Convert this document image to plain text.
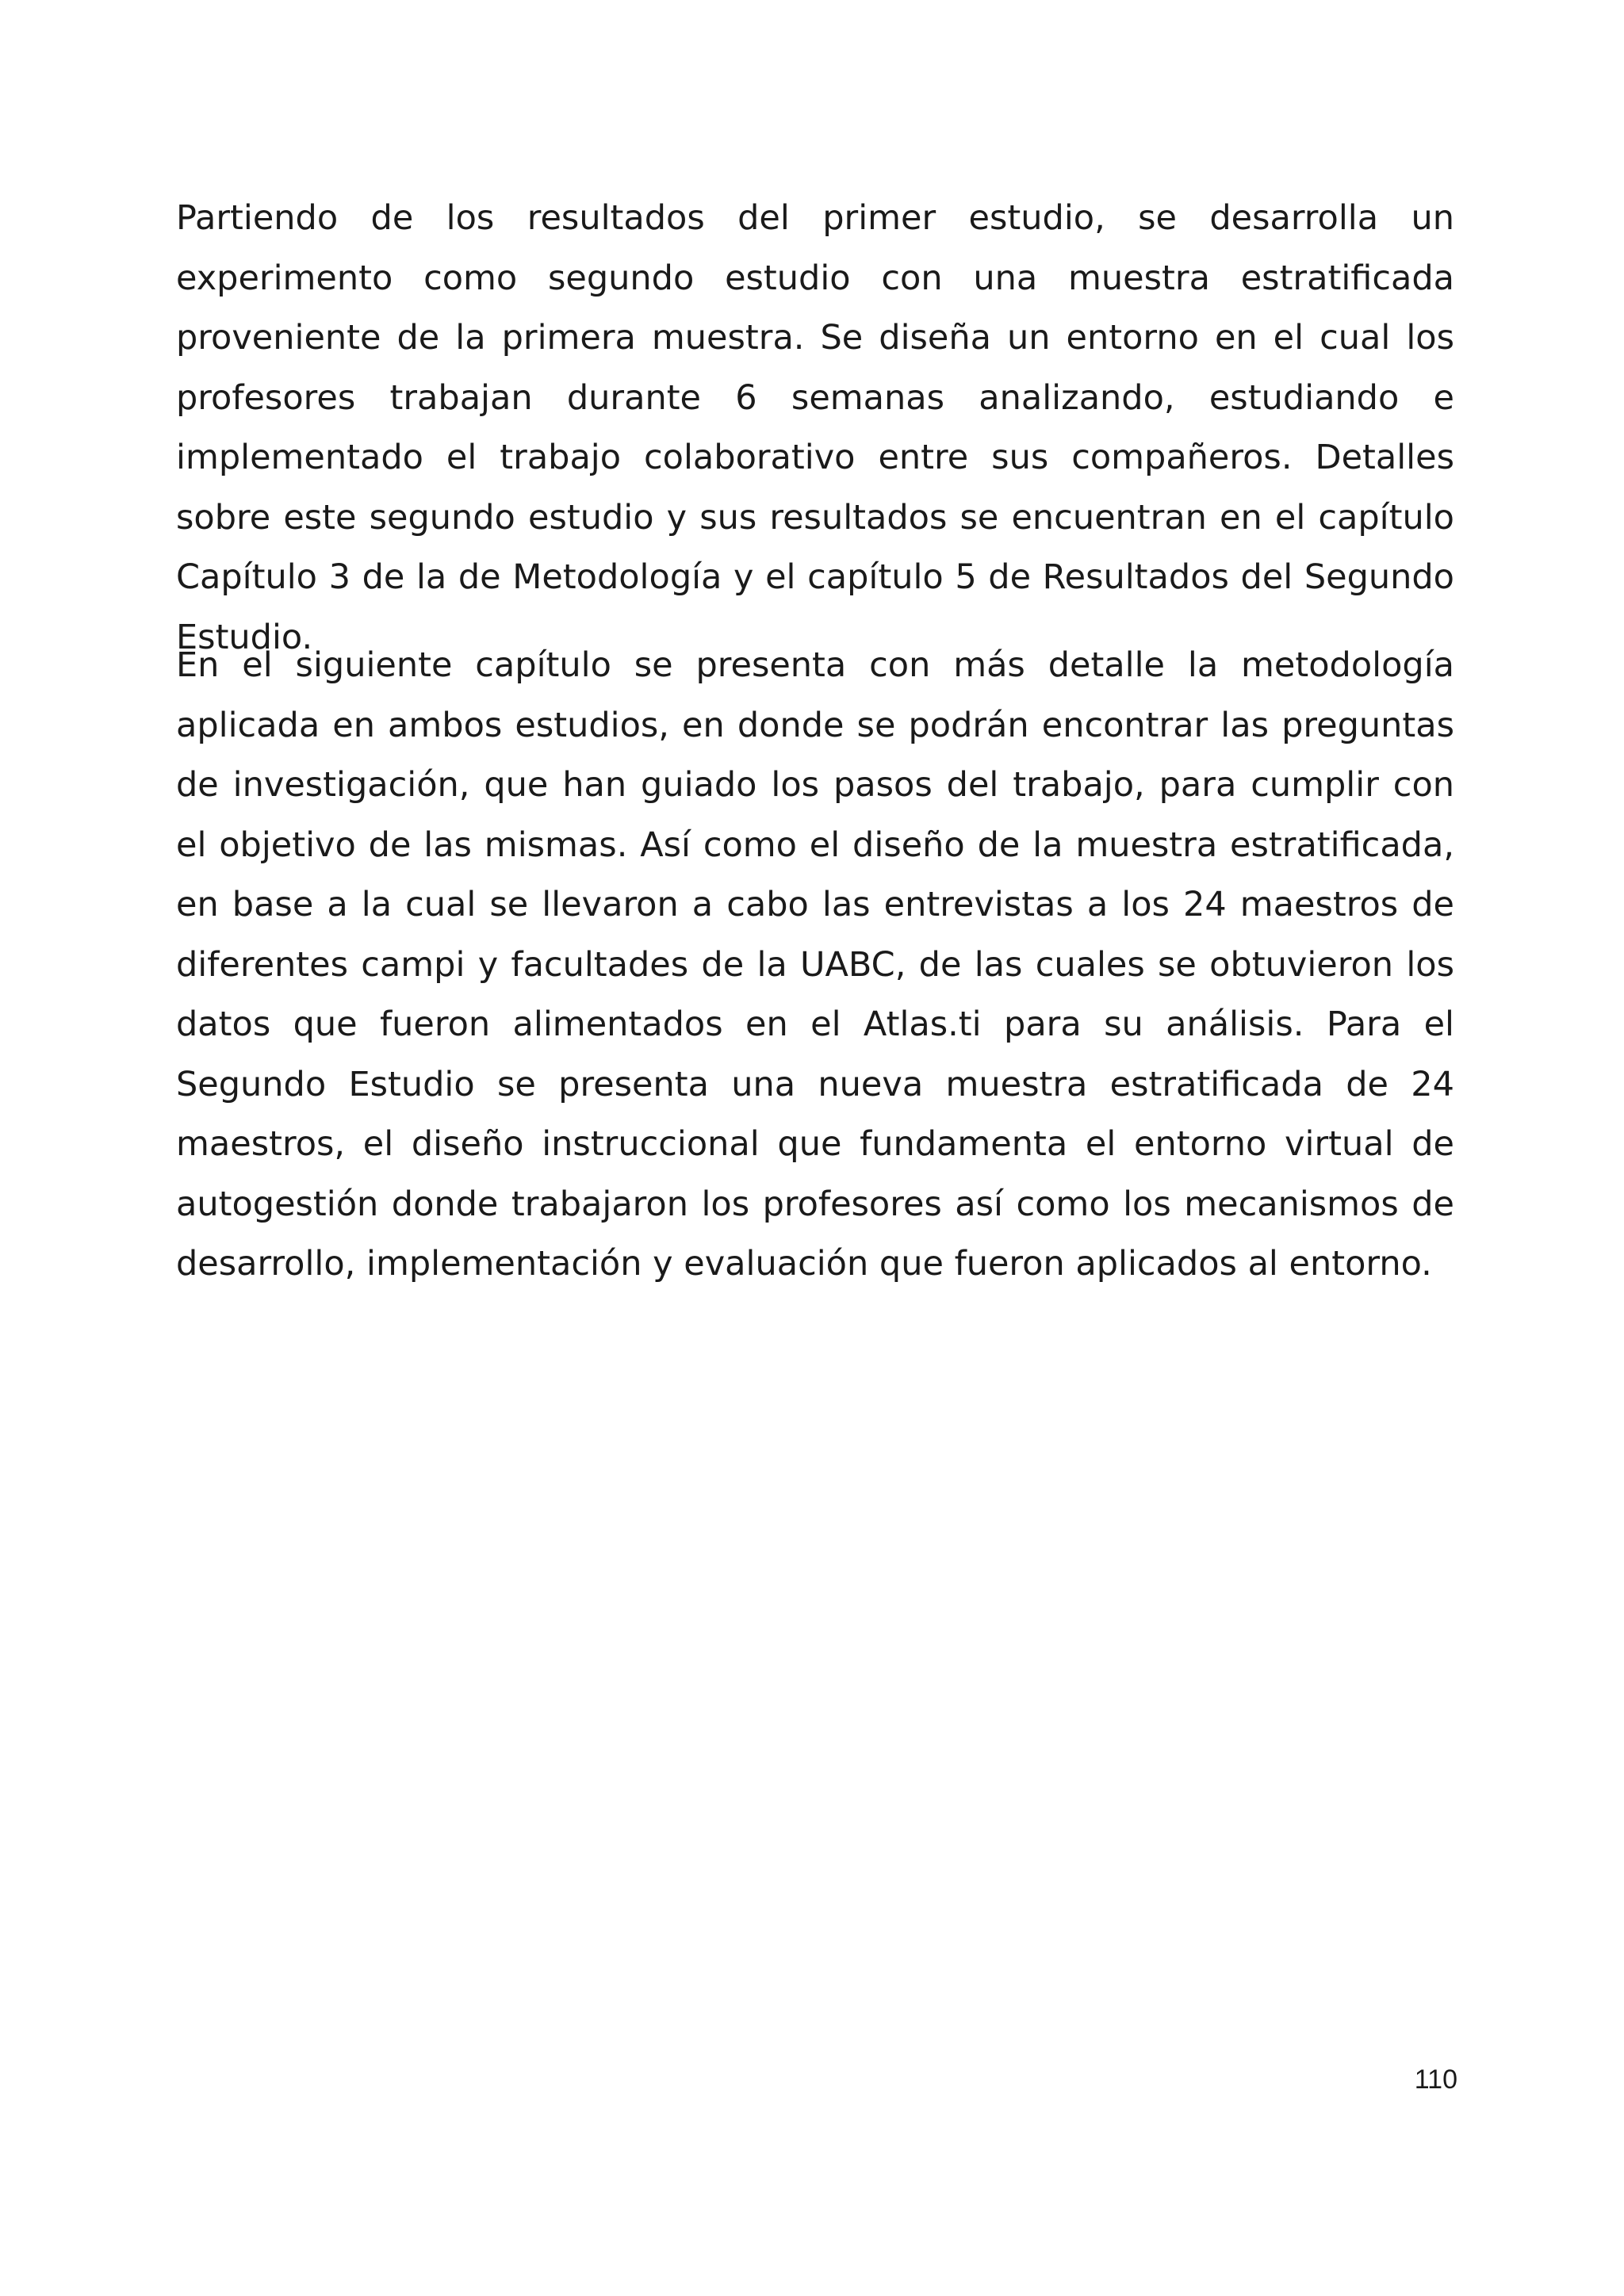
Partiendo de los resultados del primer estudio, se desarrolla un experimento como segundo estudio con una muestra estratificada proveniente de la primera muestra. Se diseña un entorno en el cual los profesores trabajan durante 6 semanas analizando, estudiando e implementado el trabajo colaborativo entre sus compañeros. Detalles sobre este segundo estudio y sus resultados se encuentran en el capítulo Capítulo 3 de la de Metodología y el capítulo 5 de Resultados del Segundo Estudio.

En el siguiente capítulo se presenta con más detalle la metodología aplicada en ambos estudios, en donde se podrán encontrar las preguntas de investigación, que han guiado los pasos del trabajo, para cumplir con el objetivo de las mismas. Así como el diseño de la muestra estratificada, en base a la cual se llevaron a cabo las entrevistas a los 24 maestros de diferentes campi y facultades de la UABC, de las cuales se obtuvieron los datos que fueron alimentados en el Atlas.ti para su análisis. Para el Segundo Estudio se presenta una nueva muestra estratificada de 24 maestros, el diseño instruccional que fundamenta el entorno virtual de autogestión donde trabajaron los profesores así como los mecanismos de desarrollo, implementación y evaluación que fueron aplicados al entorno.

110
